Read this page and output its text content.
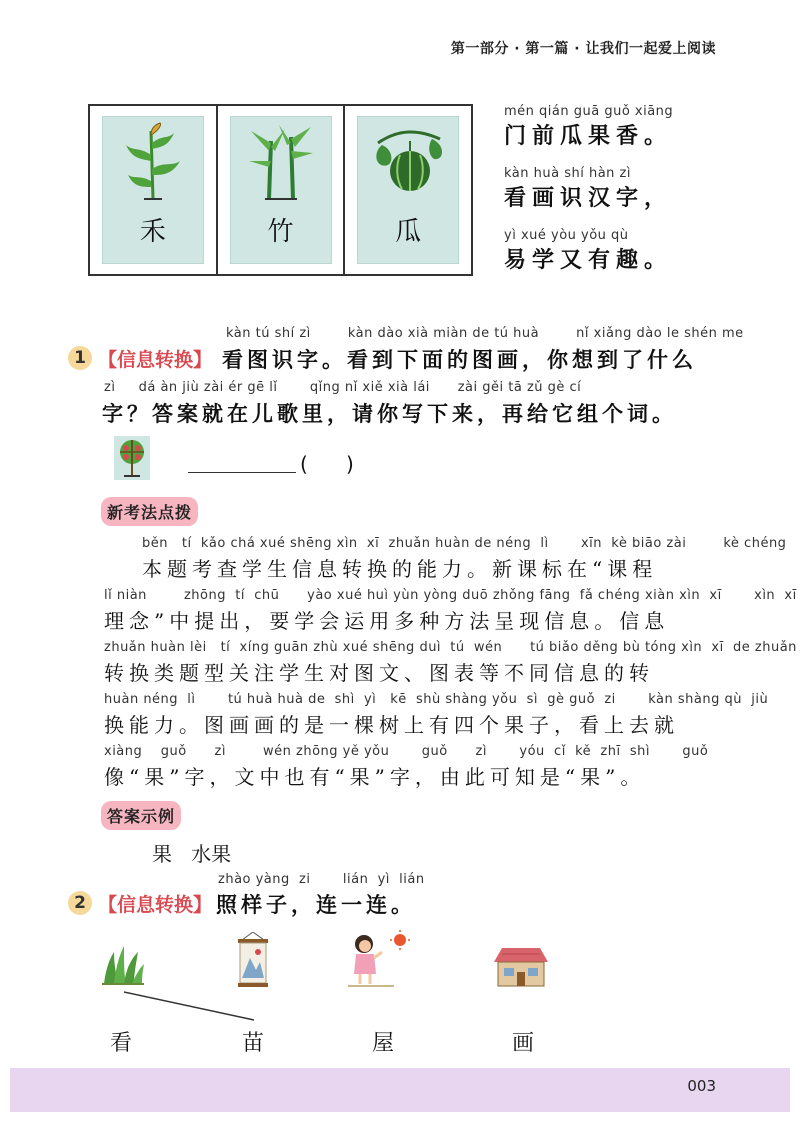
第一部分 · 第一篇 · 让我们一起爱上阅读
禾	竹	瓜
mén qián guā guǒ xiāng
门前瓜果香。
kàn huà shí hàn zì
看画识汉字，
yì xué yòu yǒu qù
易学又有趣。
kàn tú shí zì        kàn dào xià miàn de tú huà        nǐ xiǎng dào le shén me
1 【信息转换】 看图识字。看到下面的图画，你想到了什么
zì     dá àn jiù zài ér gē lǐ       qǐng nǐ xiě xià lái      zài gěi tā zǔ gè cí
字？答案就在儿歌里，请你写下来，再给它组个词。
(      )
新考法点拨
běn   tí  kǎo chá xué shēng xìn  xī  zhuǎn huàn de néng  lì       xīn  kè biāo zài        kè chéng
本题考查学生信息转换的能力。新课标在“课程
lǐ niàn        zhōng  tí  chū      yào xué huì yùn yòng duō zhǒng fāng  fǎ chéng xiàn xìn  xī       xìn  xī
理念”中提出，要学会运用多种方法呈现信息。信息
zhuǎn huàn lèi   tí  xíng guān zhù xué shēng duì  tú  wén      tú biǎo děng bù tóng xìn  xī  de zhuǎn
转换类题型关注学生对图文、图表等不同信息的转
huàn néng  lì       tú huà huà de  shì  yì   kē  shù shàng yǒu  sì  gè guǒ  zi       kàn shàng qù  jiù
换能力。图画画的是一棵树上有四个果子，看上去就
xiàng    guǒ      zì        wén zhōng yě yǒu       guǒ      zì       yóu  cǐ  kě  zhī  shì       guǒ
像“果”字，文中也有“果”字，由此可知是“果”。
答案示例
果   水果
zhào yàng  zi       lián  yì  lián
2 【信息转换】 照样子，连一连。
看	苗	屋	画
003
